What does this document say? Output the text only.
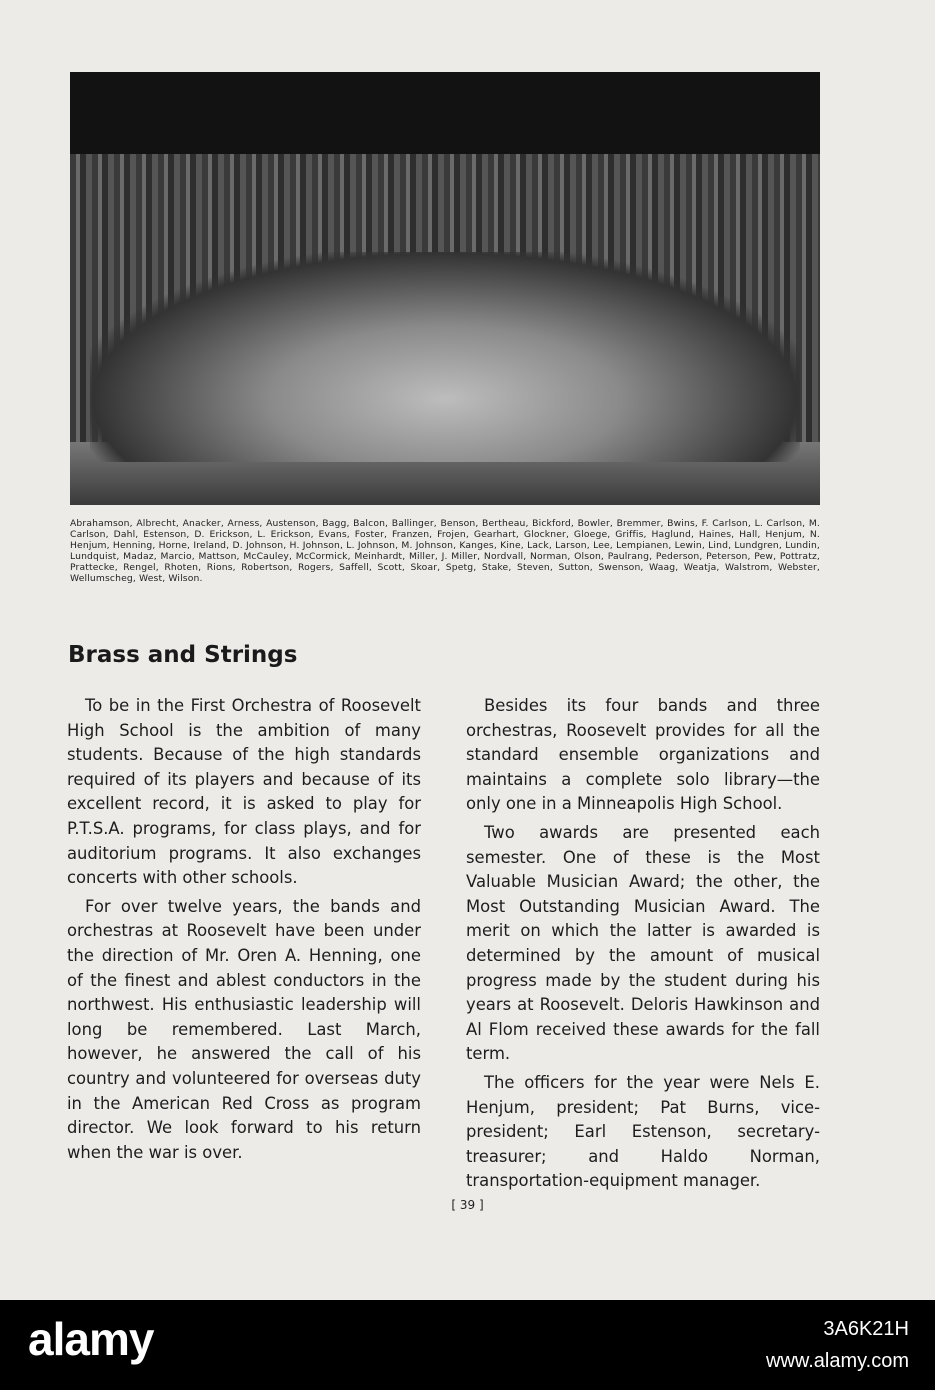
Abrahamson, Albrecht, Anacker, Arness, Austenson, Bagg, Balcon, Ballinger, Benson, Bertheau, Bickford, Bowler, Bremmer, Bwins, F. Carlson, L. Carlson, M. Carlson, Dahl, Estenson, D. Erickson, L. Erickson, Evans, Foster, Franzen, Frojen, Gearhart, Glockner, Gloege, Griffis, Haglund, Haines, Hall, Henjum, N. Henjum, Henning, Horne, Ireland, D. Johnson, H. Johnson, L. Johnson, M. Johnson, Kanges, Kine, Lack, Larson, Lee, Lempianen, Lewin, Lind, Lundgren, Lundin, Lundquist, Madaz, Marcio, Mattson, McCauley, McCormick, Meinhardt, Miller, J. Miller, Nordvall, Norman, Olson, Paulrang, Pederson, Peterson, Pew, Pottratz, Prattecke, Rengel, Rhoten, Rions, Robertson, Rogers, Saffell, Scott, Skoar, Spetg, Stake, Steven, Sutton, Swenson, Waag, Weatja, Walstrom, Webster, Wellumscheg, West, Wilson.
Brass and Strings

To be in the First Orchestra of Roosevelt High School is the ambition of many students. Because of the high standards required of its players and because of its excellent record, it is asked to play for P.T.S.A. programs, for class plays, and for auditorium programs. It also exchanges concerts with other schools.

For over twelve years, the bands and orchestras at Roosevelt have been under the direction of Mr. Oren A. Henning, one of the finest and ablest conductors in the northwest. His enthusiastic leadership will long be remembered. Last March, however, he answered the call of his country and volunteered for overseas duty in the American Red Cross as program director. We look forward to his return when the war is over.

Besides its four bands and three orchestras, Roosevelt provides for all the standard ensemble organizations and maintains a complete solo library—the only one in a Minneapolis High School.

Two awards are presented each semester. One of these is the Most Valuable Musician Award; the other, the Most Outstanding Musician Award. The merit on which the latter is awarded is determined by the amount of musical progress made by the student during his years at Roosevelt. Deloris Hawkinson and Al Flom received these awards for the fall term.

The officers for the year were Nels E. Henjum, president; Pat Burns, vice-president; Earl Estenson, secretary-treasurer; and Haldo Norman, transportation-equipment manager.

[ 39 ]
alamy	3A6K21H
www.alamy.com
